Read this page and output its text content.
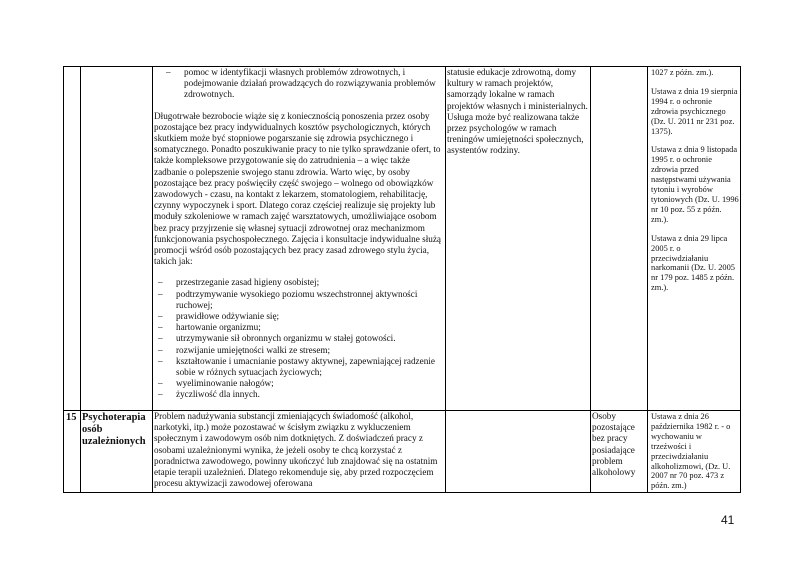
– pomoc w identyfikacji własnych problemów zdrowotnych, i podejmowanie działań prowadzących do rozwiązywania problemów zdrowotnych.

Długotrwałe bezrobocie wiąże się z koniecznością ponoszenia przez osoby pozostające bez pracy indywidualnych kosztów psychologicznych, których skutkiem może być stopniowe pogarszanie się zdrowia psychicznego i somatycznego. Ponadto poszukiwanie pracy to nie tylko sprawdzanie ofert, to także kompleksowe przygotowanie się do zatrudnienia – a więc także zadbanie o polepszenie swojego stanu zdrowia. Warto więc, by osoby pozostające bez pracy poświęciły część swojego – wolnego od obowiązków zawodowych - czasu, na kontakt z lekarzem, stomatologiem, rehabilitację, czynny wypoczynek i sport. Dlatego coraz częściej realizuje się projekty lub moduły szkoleniowe w ramach zajęć warsztatowych, umożliwiające osobom bez pracy przyjrzenie się własnej sytuacji zdrowotnej oraz mechanizmom funkcjonowania psychospołecznego. Zajęcia i konsultacje indywidualne służą promocji wśród osób pozostających bez pracy zasad zdrowego stylu życia, takich jak:

– przestrzeganie zasad higieny osobistej;
– podtrzymywanie wysokiego poziomu wszechstronnej aktywności ruchowej;
– prawidłowe odżywianie się;
– hartowanie organizmu;
– utrzymywanie sił obronnych organizmu w stałej gotowości.
– rozwijanie umiejętności walki ze stresem;
– kształtowanie i umacnianie postawy aktywnej, zapewniającej radzenie sobie w różnych sytuacjach życiowych;
– wyeliminowanie nałogów;
– życzliwość dla innych.

statusie edukacje zdrowotną, domy kultury w ramach projektów, samorządy lokalne w ramach projektów własnych i ministerialnych. Usługa może być realizowana także przez psychologów w ramach treningów umiejętności społecznych, asystentów rodziny.

1027 z późn. zm.).

Ustawa z dnia 19 sierpnia 1994 r. o ochronie zdrowia psychicznego (Dz. U. 2011 nr 231 poz. 1375).

Ustawa z dnia 9 listopada 1995 r. o ochronie zdrowia przed następstwami używania tytoniu i wyrobów tytoniowych (Dz. U. 1996 nr 10 poz. 55 z późn. zm.).

Ustawa z dnia 29 lipca 2005 r. o przeciwdziałaniu narkomanii (Dz. U. 2005 nr 179 poz. 1485 z późn. zm.).

15 Psychoterapia osób uzależnionych
Problem nadużywania substancji zmieniających świadomość (alkohol, narkotyki, itp.) może pozostawać w ścisłym związku z wykluczeniem społecznym i zawodowym osób nim dotkniętych. Z doświadczeń pracy z osobami uzależnionymi wynika, że jeżeli osoby te chcą korzystać z poradnictwa zawodowego, powinny ukończyć lub znajdować się na ostatnim etapie terapii uzależnień. Dlatego rekomenduje się, aby przed rozpoczęciem procesu aktywizacji zawodowej oferowana
Osoby pozostające bez pracy posiadające problem alkoholowy
Ustawa z dnia 26 października 1982 r. - o wychowaniu w trzeźwości i przeciwdziałaniu alkoholizmowi, (Dz. U. 2007 nr 70 poz. 473 z późn. zm.)
41
